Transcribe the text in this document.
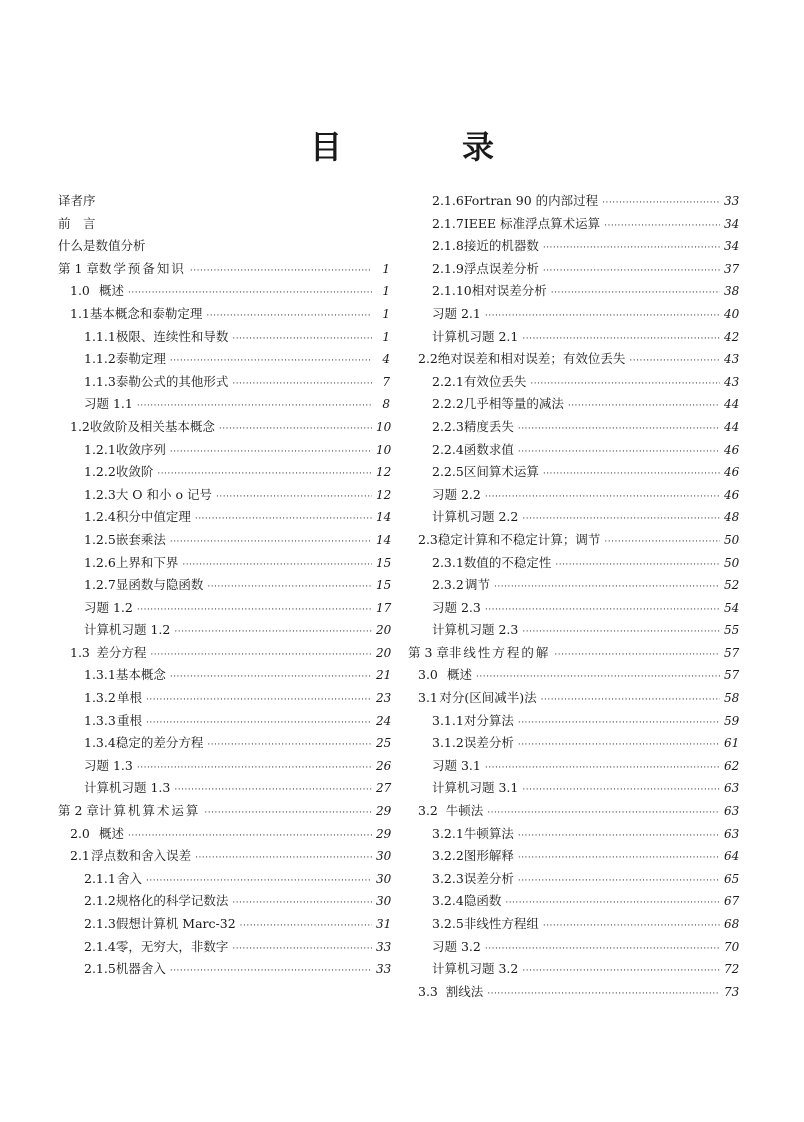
目　录
译者序
前　言
什么是数值分析
第 1 章 数学预备知识 ·····	1
1.0 概述 ·····	1
1.1 基本概念和泰勒定理 ·····	1
1.1.1 极限、连续性和导数 ·····	1
1.1.2 泰勒定理 ·····	4
1.1.3 泰勒公式的其他形式 ·····	7
习题 1.1 ·····	8
1.2 收敛阶及相关基本概念 ·····	10
1.2.1 收敛序列 ·····	10
1.2.2 收敛阶 ·····	12
1.2.3 大 O 和小 o 记号 ·····	12
1.2.4 积分中值定理 ·····	14
1.2.5 嵌套乘法 ·····	14
1.2.6 上界和下界 ·····	15
1.2.7 显函数与隐函数 ·····	15
习题 1.2 ·····	17
计算机习题 1.2 ·····	20
1.3 差分方程 ·····	20
1.3.1 基本概念 ·····	21
1.3.2 单根 ·····	23
1.3.3 重根 ·····	24
1.3.4 稳定的差分方程 ·····	25
习题 1.3 ·····	26
计算机习题 1.3 ·····	27
第 2 章 计算机算术运算 ·····	29
2.0 概述 ·····	29
2.1 浮点数和舍入误差 ·····	30
2.1.1 舍入 ·····	30
2.1.2 规格化的科学记数法 ·····	30
2.1.3 假想计算机 Marc-32 ·····	31
2.1.4 零，无穷大，非数字 ·····	33
2.1.5 机器舍入 ·····	33
2.1.6 Fortran 90 的内部过程 ·····	33
2.1.7 IEEE 标准浮点算术运算 ·····	34
2.1.8 接近的机器数 ·····	34
2.1.9 浮点误差分析 ·····	37
2.1.10 相对误差分析 ·····	38
习题 2.1 ·····	40
计算机习题 2.1 ·····	42
2.2 绝对误差和相对误差；有效位丢失 ·····	43
2.2.1 有效位丢失 ·····	43
2.2.2 几乎相等量的减法 ·····	44
2.2.3 精度丢失 ·····	44
2.2.4 函数求值 ·····	46
2.2.5 区间算术运算 ·····	46
习题 2.2 ·····	46
计算机习题 2.2 ·····	48
2.3 稳定计算和不稳定计算；调节 ·····	50
2.3.1 数值的不稳定性 ·····	50
2.3.2 调节 ·····	52
习题 2.3 ·····	54
计算机习题 2.3 ·····	55
第 3 章 非线性方程的解 ·····	57
3.0 概述 ·····	57
3.1 对分(区间减半)法 ·····	58
3.1.1 对分算法 ·····	59
3.1.2 误差分析 ·····	61
习题 3.1 ·····	62
计算机习题 3.1 ·····	63
3.2 牛顿法 ·····	63
3.2.1 牛顿算法 ·····	63
3.2.2 图形解释 ·····	64
3.2.3 误差分析 ·····	65
3.2.4 隐函数 ·····	67
3.2.5 非线性方程组 ·····	68
习题 3.2 ·····	70
计算机习题 3.2 ·····	72
3.3 割线法 ·····	73
